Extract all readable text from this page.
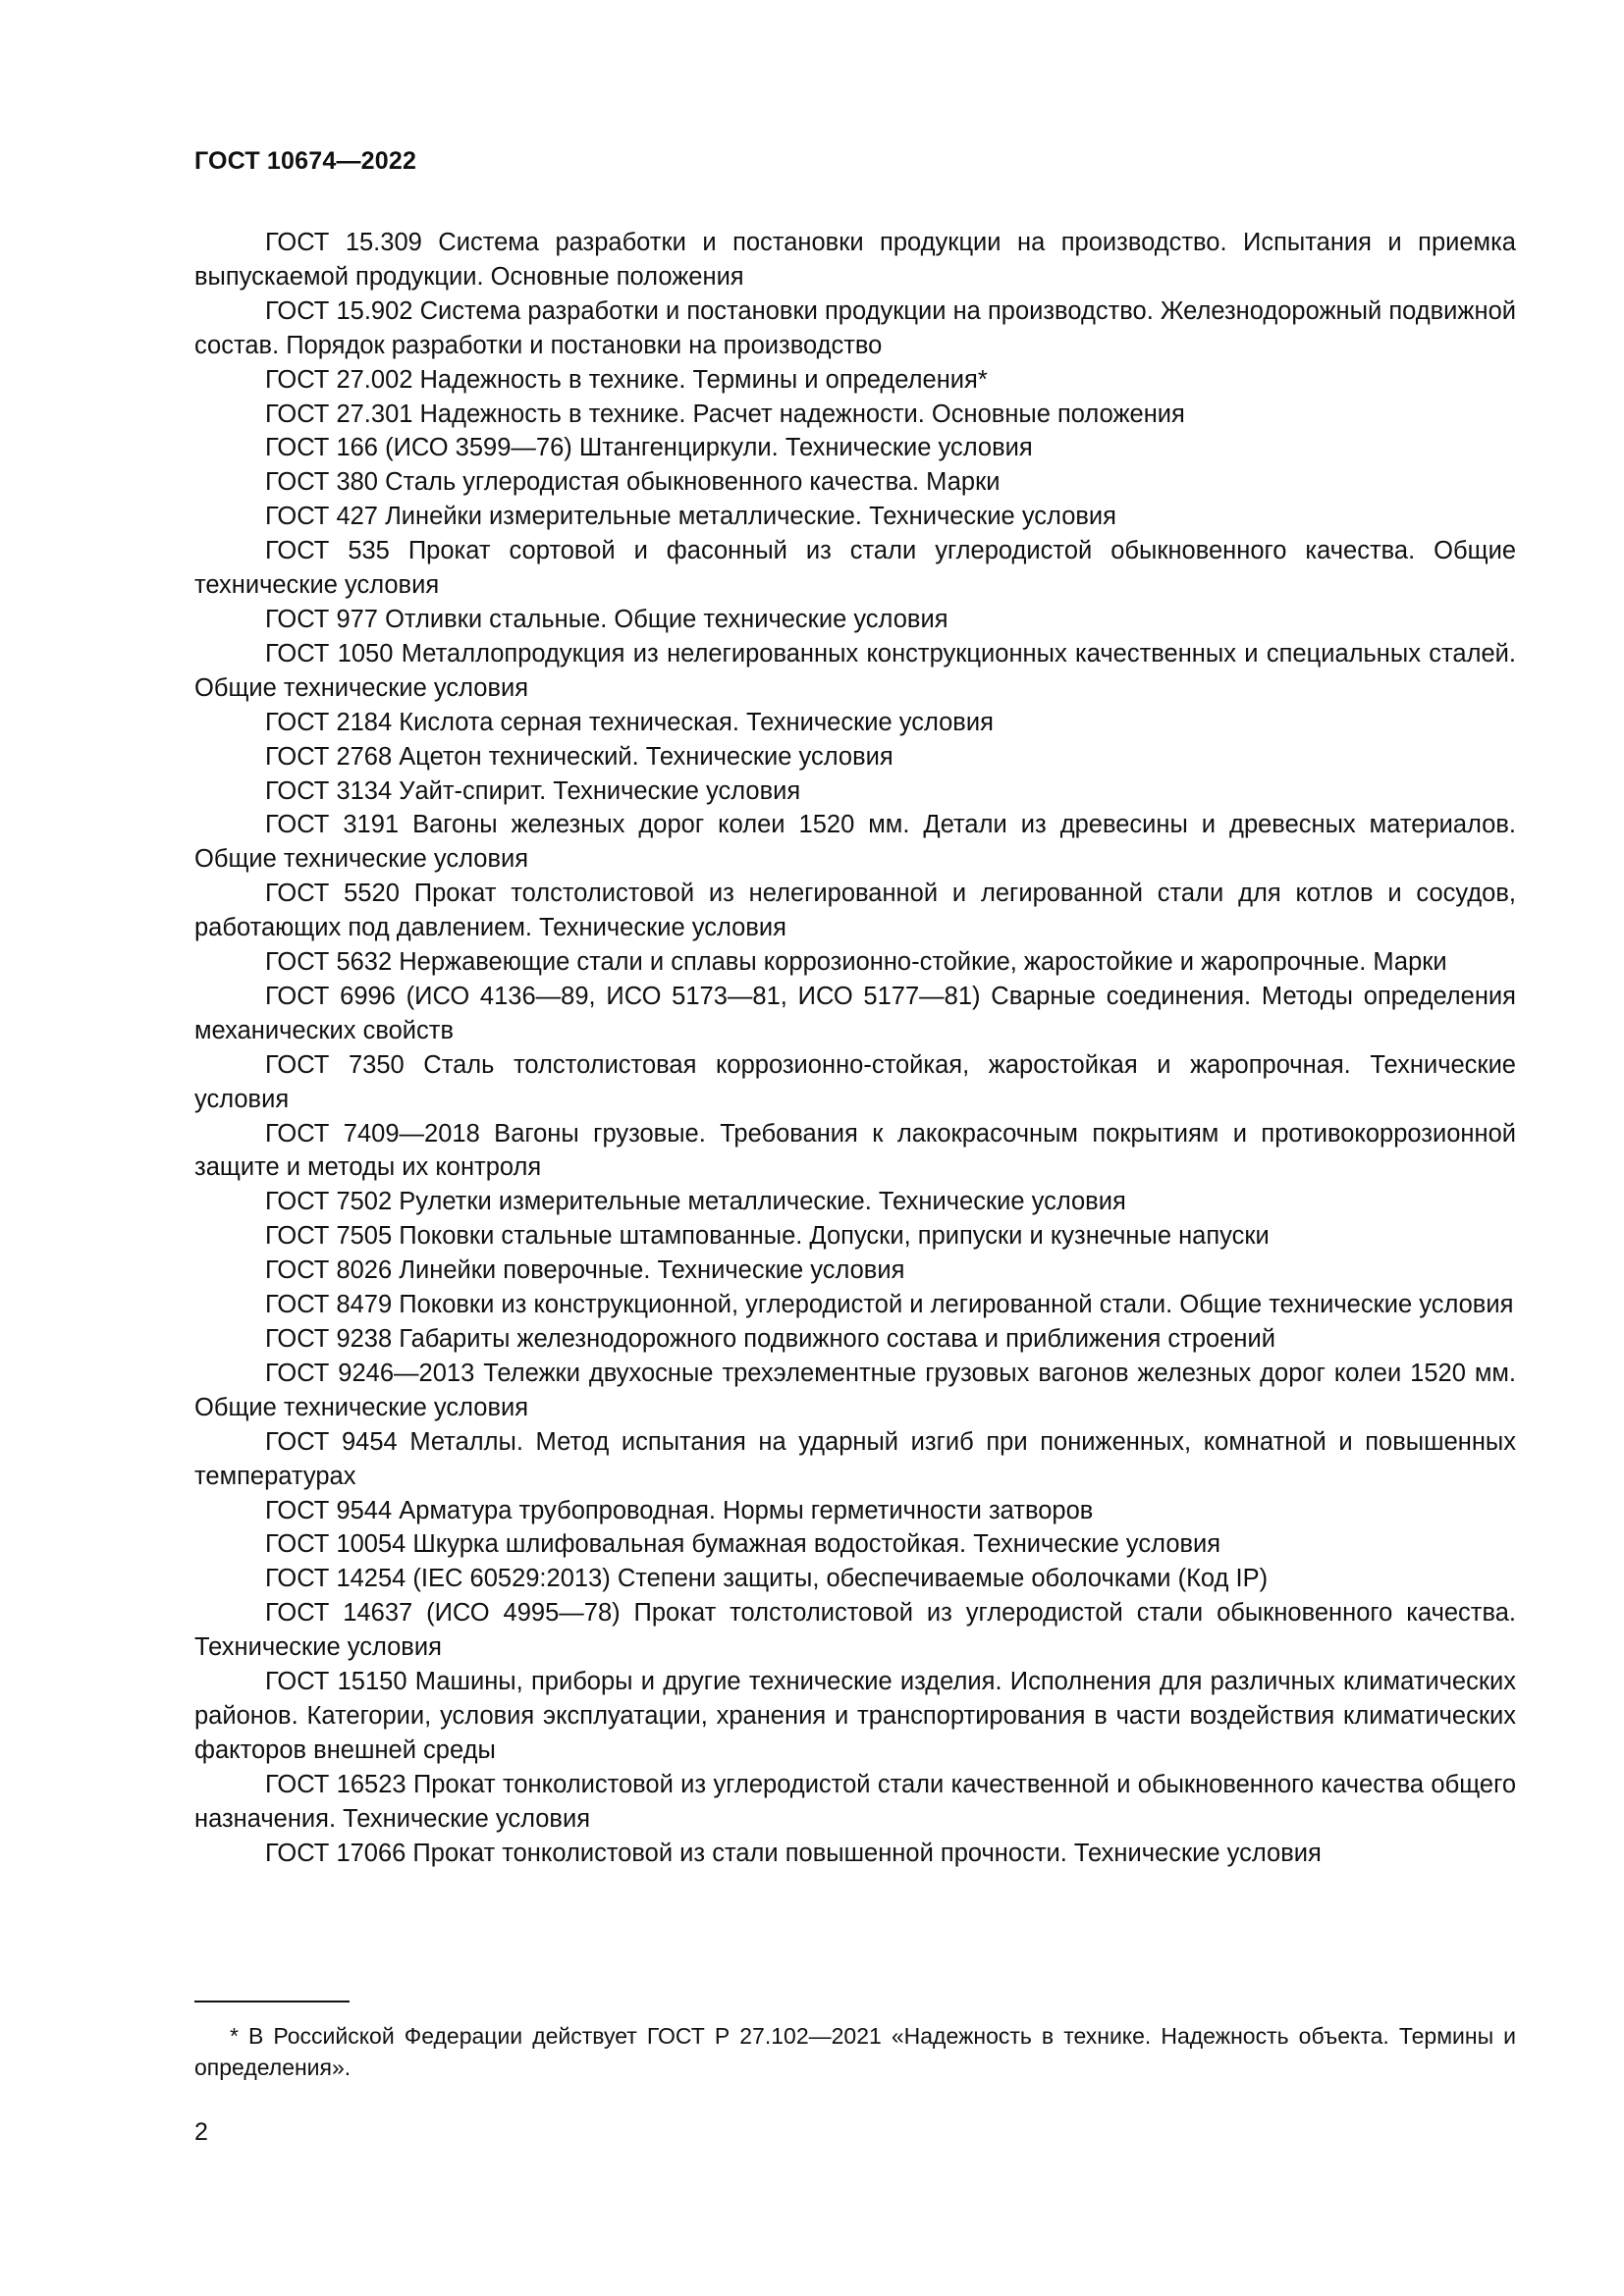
ГОСТ 10674—2022

ГОСТ 15.309 Система разработки и постановки продукции на производство. Испытания и приемка выпускаемой продукции. Основные положения

ГОСТ 15.902 Система разработки и постановки продукции на производство. Железнодорожный подвижной состав. Порядок разработки и постановки на производство

ГОСТ 27.002 Надежность в технике. Термины и определения*

ГОСТ 27.301 Надежность в технике. Расчет надежности. Основные положения

ГОСТ 166 (ИСО 3599—76) Штангенциркули. Технические условия

ГОСТ 380 Сталь углеродистая обыкновенного качества. Марки

ГОСТ 427 Линейки измерительные металлические. Технические условия

ГОСТ 535 Прокат сортовой и фасонный из стали углеродистой обыкновенного качества. Общие технические условия

ГОСТ 977 Отливки стальные. Общие технические условия

ГОСТ 1050 Металлопродукция из нелегированных конструкционных качественных и специальных сталей. Общие технические условия

ГОСТ 2184 Кислота серная техническая. Технические условия

ГОСТ 2768 Ацетон технический. Технические условия

ГОСТ 3134 Уайт-спирит. Технические условия

ГОСТ 3191 Вагоны железных дорог колеи 1520 мм. Детали из древесины и древесных материалов. Общие технические условия

ГОСТ 5520 Прокат толстолистовой из нелегированной и легированной стали для котлов и сосудов, работающих под давлением. Технические условия

ГОСТ 5632 Нержавеющие стали и сплавы коррозионно-стойкие, жаростойкие и жаропрочные. Марки

ГОСТ 6996 (ИСО 4136—89, ИСО 5173—81, ИСО 5177—81) Сварные соединения. Методы определения механических свойств

ГОСТ 7350 Сталь толстолистовая коррозионно-стойкая, жаростойкая и жаропрочная. Технические условия

ГОСТ 7409—2018 Вагоны грузовые. Требования к лакокрасочным покрытиям и противокоррозионной защите и методы их контроля

ГОСТ 7502 Рулетки измерительные металлические. Технические условия

ГОСТ 7505 Поковки стальные штампованные. Допуски, припуски и кузнечные напуски

ГОСТ 8026 Линейки поверочные. Технические условия

ГОСТ 8479 Поковки из конструкционной, углеродистой и легированной стали. Общие технические условия

ГОСТ 9238 Габариты железнодорожного подвижного состава и приближения строений

ГОСТ 9246—2013 Тележки двухосные трехэлементные грузовых вагонов железных дорог колеи 1520 мм. Общие технические условия

ГОСТ 9454 Металлы. Метод испытания на ударный изгиб при пониженных, комнатной и повышенных температурах

ГОСТ 9544 Арматура трубопроводная. Нормы герметичности затворов

ГОСТ 10054 Шкурка шлифовальная бумажная водостойкая. Технические условия

ГОСТ 14254 (IEC 60529:2013) Степени защиты, обеспечиваемые оболочками (Код IP)

ГОСТ 14637 (ИСО 4995—78) Прокат толстолистовой из углеродистой стали обыкновенного качества. Технические условия

ГОСТ 15150 Машины, приборы и другие технические изделия. Исполнения для различных климатических районов. Категории, условия эксплуатации, хранения и транспортирования в части воздействия климатических факторов внешней среды

ГОСТ 16523 Прокат тонколистовой из углеродистой стали качественной и обыкновенного качества общего назначения. Технические условия

ГОСТ 17066 Прокат тонколистовой из стали повышенной прочности. Технические условия

* В Российской Федерации действует ГОСТ Р 27.102—2021 «Надежность в технике. Надежность объекта. Термины и определения».

2
